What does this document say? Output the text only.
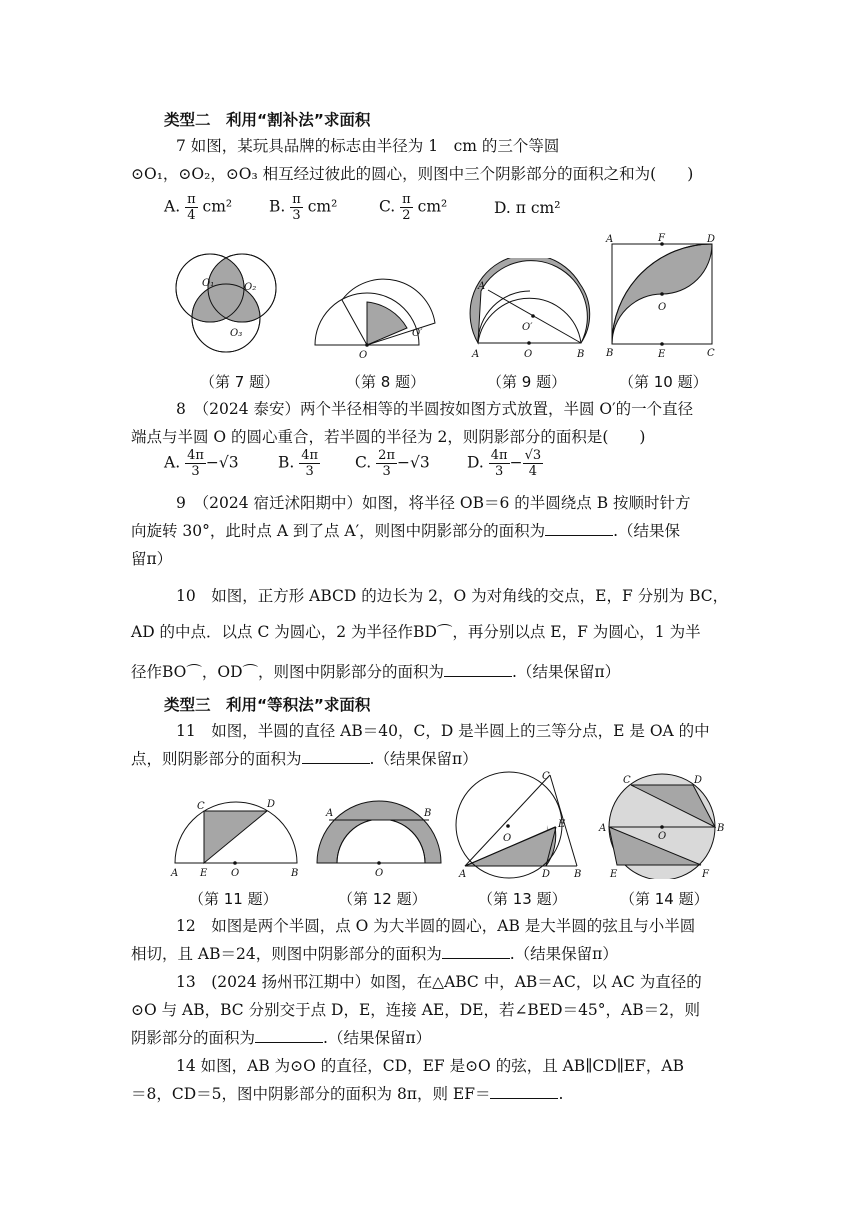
类型二　利用“割补法”求面积
7 如图，某玩具品牌的标志由半径为 1　cm 的三个等圆
⊙O₁，⊙O₂，⊙O₃ 相互经过彼此的圆心，则图中三个阴影部分的面积之和为(　　)
A. $\frac{\pi}{4} cm^2$ B. $\frac{\pi}{3} cm^2$	C. $\frac{\pi}{2} cm^2$	D. π cm²
O₁	O₂
O₃
O
O′
A	O	B
A′
O′
A	F	D
O
B	E	C
（第 7 题）	（第 8 题）	（第 9 题）	（第 10 题）
8　（2024 泰安）两个半径相等的半圆按如图方式放置，半圆 O′的一个直径
端点与半圆 O 的圆心重合，若半圆的半径为 2，则阴影部分的面积是(　　)
A. $\frac{4\pi}{3} -√3$	B. $\frac{4\pi}{3} C$. $\frac{2\pi}{3} -√3$ D. $\frac{4\pi}{3} - \frac{√3}{4}$
9　（2024 宿迁沭阳期中）如图，将半径 OB＝6 的半圆绕点 B 按顺时针方
向旋转 30°，此时点 A 到了点 A′，则图中阴影部分的面积为	.（结果保
留π）
10　如图，正方形 ABCD 的边长为 2，O 为对角线的交点，E，F 分别为 BC，
AD 的中点．以点 C 为圆心，2 为半径作BD⌒，再分别以点 E，F 为圆心，1 为半
径作BO⌒，OD⌒，则图中阴影部分的面积为	.（结果保留π）
类型三　利用“等积法”求面积
11　如图，半圆的直径 AB＝40，C，D 是半圆上的三等分点，E 是 OA 的中
点，则阴影部分的面积为	.（结果保留π）
C	D
A E O	B
A	B
O	A	D B
C
E
O
C	D
A	B
O
E	F
（第 11 题）	（第 12 题）	（第 13 题）	（第 14 题）
12　如图是两个半圆，点 O 为大半圆的圆心，AB 是大半圆的弦且与小半圆
相切，且 AB＝24，则图中阴影部分的面积为	.（结果保留π）
13　(2024 扬州邗江期中）如图，在△ABC 中，AB＝AC，以 AC 为直径的
⊙O 与 AB，BC 分别交于点 D，E，连接 AE，DE，若∠BED＝45°，AB＝2，则
阴影部分的面积为	.（结果保留π）
14 如图，AB 为⊙O 的直径，CD，EF 是⊙O 的弦，且 AB∥CD∥EF，AB
＝8，CD＝5，图中阴影部分的面积为 8π，则 EF＝	.
